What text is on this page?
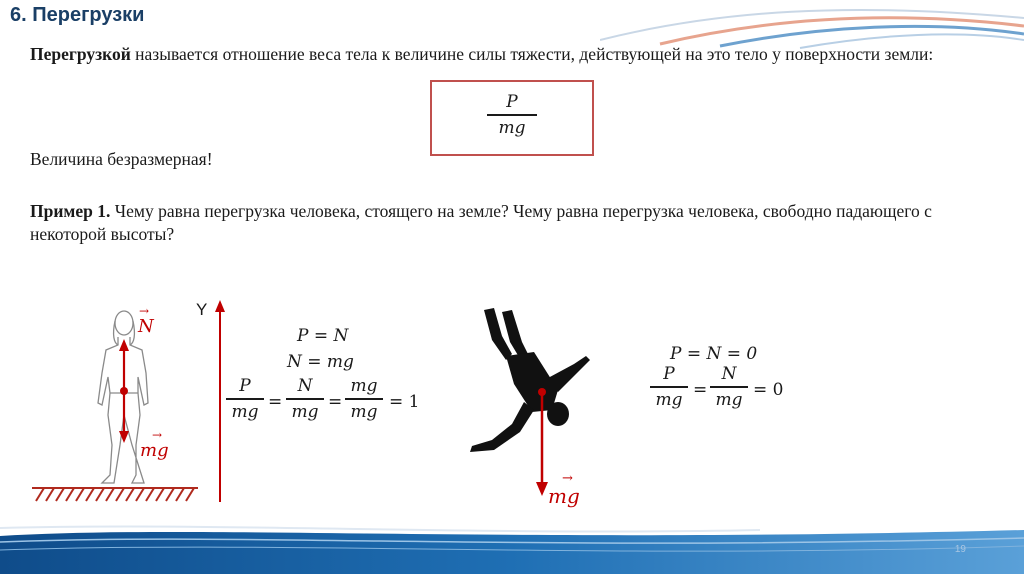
6. Перегрузки
Перегрузкой называется отношение веса тела к величине силы тяжести, действующей на это тело у поверхности земли:
P
mg
Величина безразмерная!
Пример 1. Чему равна перегрузка человека, стоящего на земле? Чему равна перегрузка человека, свободно падающего с некоторой высоты?
→
N
→
mg
Y
P = N
N = mg
P
mg =
N
mg =
mg
mg = 1
→
mg
P = N = 0
P
mg =
N
mg = 0
19
